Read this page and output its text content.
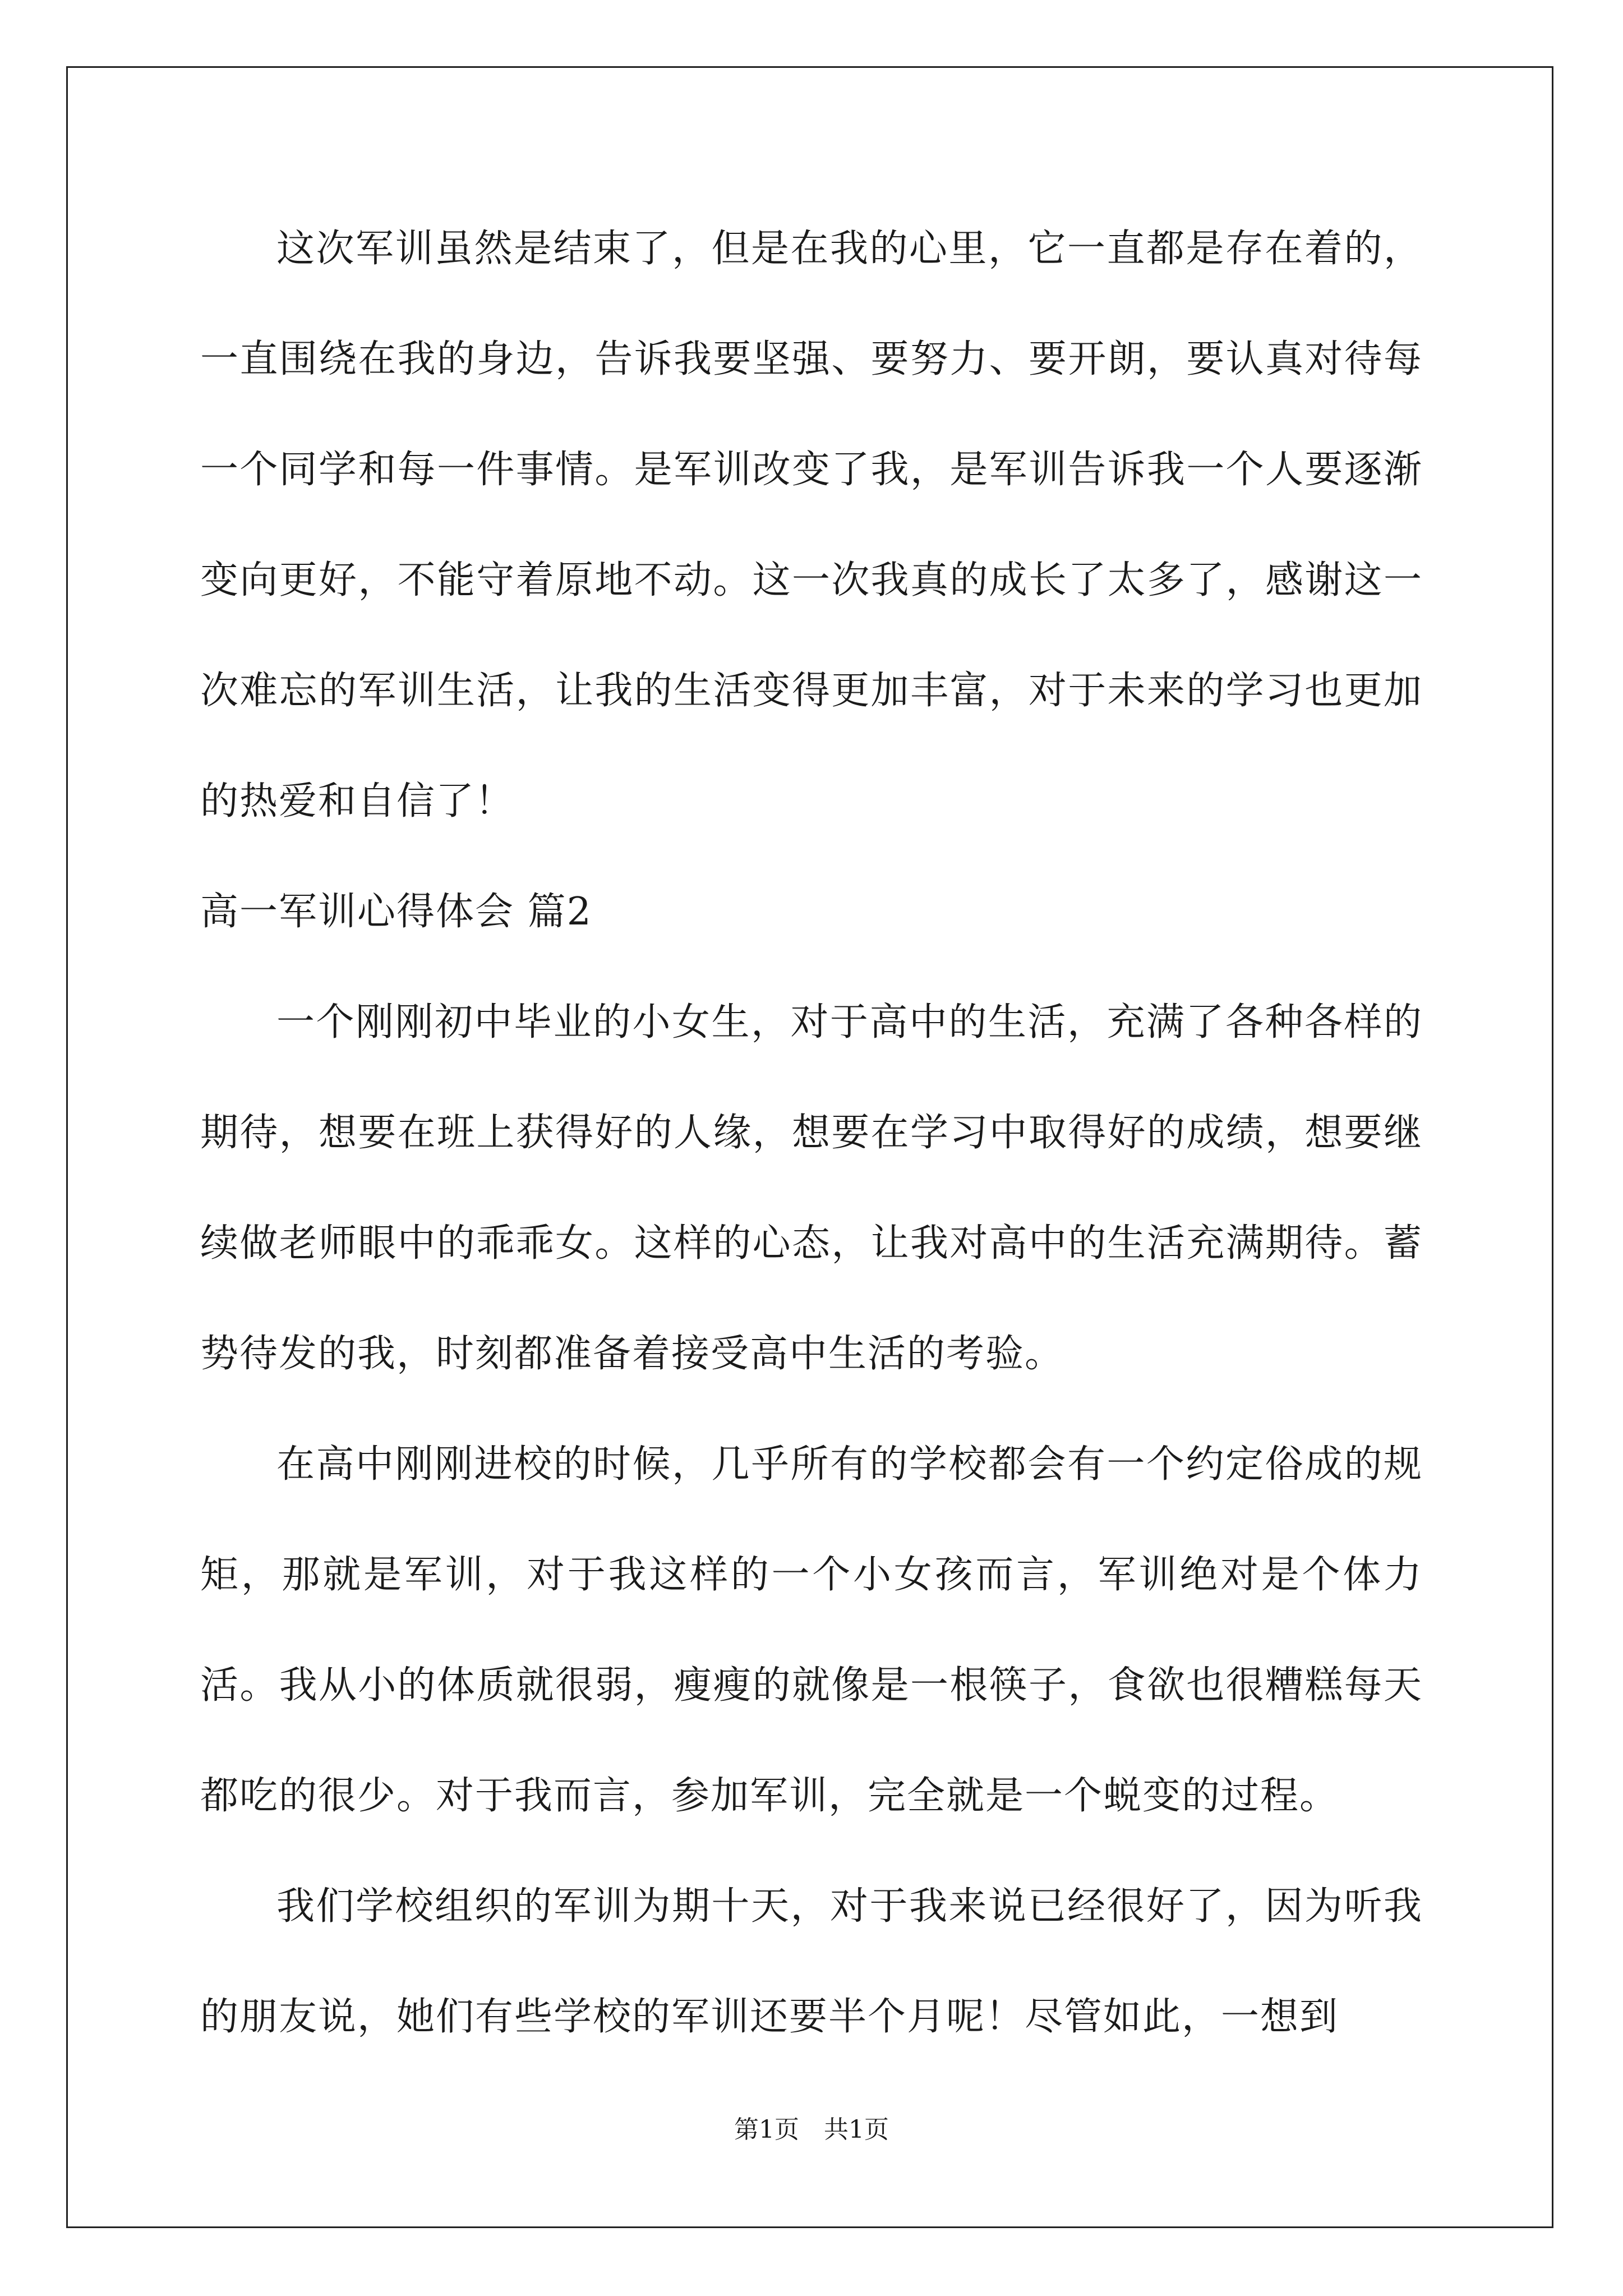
这次军训虽然是结束了，但是在我的心里，它一直都是存在着的，一直围绕在我的身边，告诉我要坚强、要努力、要开朗，要认真对待每一个同学和每一件事情。是军训改变了我，是军训告诉我一个人要逐渐变向更好，不能守着原地不动。这一次我真的成长了太多了，感谢这一次难忘的军训生活，让我的生活变得更加丰富，对于未来的学习也更加的热爱和自信了！

高一军训心得体会 篇2

一个刚刚初中毕业的小女生，对于高中的生活，充满了各种各样的期待，想要在班上获得好的人缘，想要在学习中取得好的成绩，想要继续做老师眼中的乖乖女。这样的心态，让我对高中的生活充满期待。蓄势待发的我，时刻都准备着接受高中生活的考验。

在高中刚刚进校的时候，几乎所有的学校都会有一个约定俗成的规矩，那就是军训，对于我这样的一个小女孩而言，军训绝对是个体力活。我从小的体质就很弱，瘦瘦的就像是一根筷子，食欲也很糟糕每天都吃的很少。对于我而言，参加军训，完全就是一个蜕变的过程。

我们学校组织的军训为期十天，对于我来说已经很好了，因为听我的朋友说，她们有些学校的军训还要半个月呢！尽管如此，一想到

第1页　共1页
